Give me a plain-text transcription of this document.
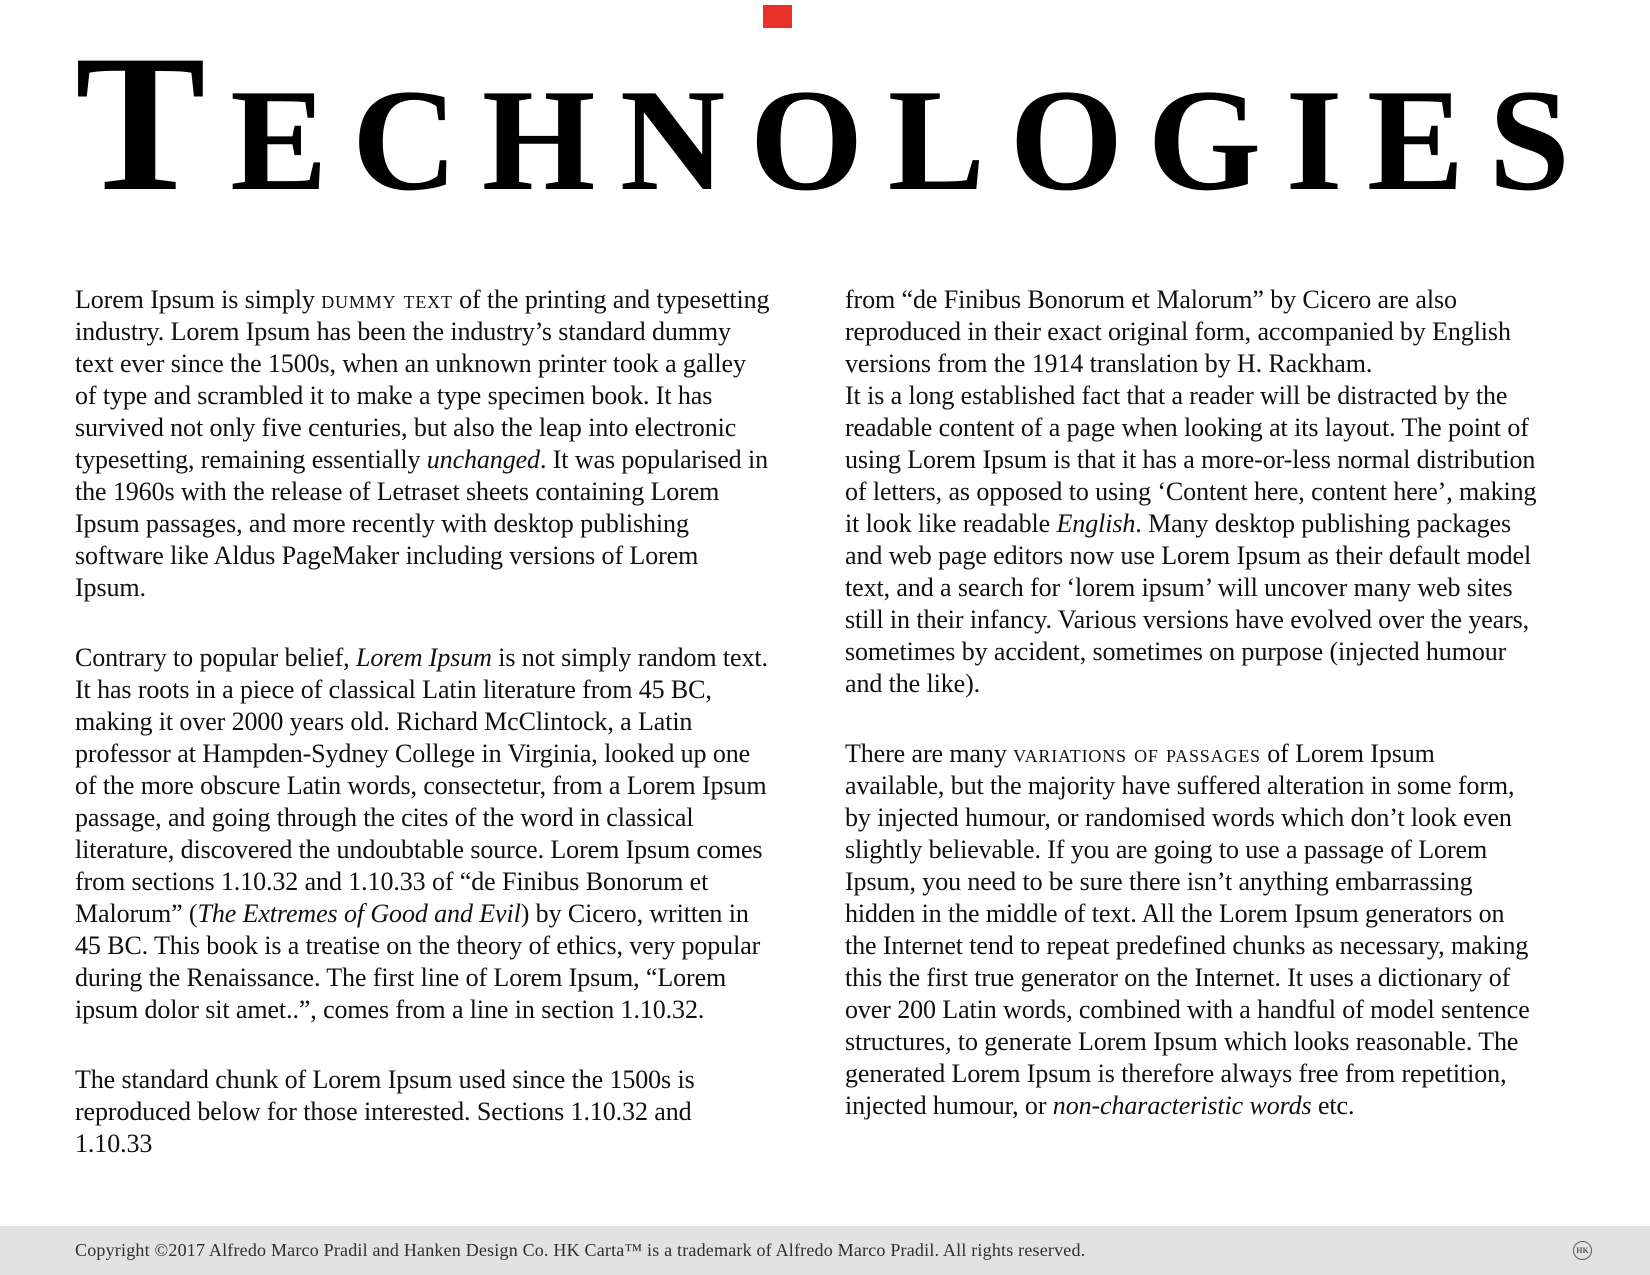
T E C H N O L O G I E S

Lorem Ipsum is simply dummy text of the printing and typesetting industry. Lorem Ipsum has been the industry’s standard dummy text ever since the 1500s, when an unknown printer took a galley of type and scrambled it to make a type specimen book. It has survived not only five centuries, but also the leap into electronic typesetting, remaining essentially unchanged. It was popularised in the 1960s with the release of Letraset sheets containing Lorem Ipsum passages, and more recently with desktop publishing software like Aldus PageMaker including versions of Lorem Ipsum.

Contrary to popular belief, Lorem Ipsum is not simply random text. It has roots in a piece of classical Latin literature from 45 BC, making it over 2000 years old. Richard McClintock, a Latin professor at Hampden-Sydney College in Virginia, looked up one of the more obscure Latin words, consectetur, from a Lorem Ipsum passage, and going through the cites of the word in classical literature, discovered the undoubtable source. Lorem Ipsum comes from sections 1.10.32 and 1.10.33 of “de Finibus Bonorum et Malorum” (The Extremes of Good and Evil) by Cicero, written in 45 BC. This book is a treatise on the theory of ethics, very popular during the Renaissance. The first line of Lorem Ipsum, “Lorem ipsum dolor sit amet..”, comes from a line in section 1.10.32.

The standard chunk of Lorem Ipsum used since the 1500s is reproduced below for those interested. Sections 1.10.32 and 1.10.33

from “de Finibus Bonorum et Malorum” by Cicero are also reproduced in their exact original form, accompanied by English versions from the 1914 translation by H. Rackham.

It is a long established fact that a reader will be distracted by the readable content of a page when looking at its layout. The point of using Lorem Ipsum is that it has a more-or-less normal distribution of letters, as opposed to using ‘Content here, content here’, making it look like readable English. Many desktop publishing packages and web page editors now use Lorem Ipsum as their default model text, and a search for ‘lorem ipsum’ will uncover many web sites still in their infancy. Various versions have evolved over the years, sometimes by accident, sometimes on purpose (injected humour and the like).

There are many variations of passages of Lorem Ipsum available, but the majority have suffered alteration in some form, by injected humour, or randomised words which don’t look even slightly believable. If you are going to use a passage of Lorem Ipsum, you need to be sure there isn’t anything embarrassing hidden in the middle of text. All the Lorem Ipsum generators on the Internet tend to repeat predefined chunks as necessary, making this the first true generator on the Internet. It uses a dictionary of over 200 Latin words, combined with a handful of model sentence structures, to generate Lorem Ipsum which looks reasonable. The generated Lorem Ipsum is therefore always free from repetition, injected humour, or non-characteristic words etc.

Copyright ©2017 Alfredo Marco Pradil and Hanken Design Co. HK Carta™ is a trademark of Alfredo Marco Pradil. All rights reserved.	HK
